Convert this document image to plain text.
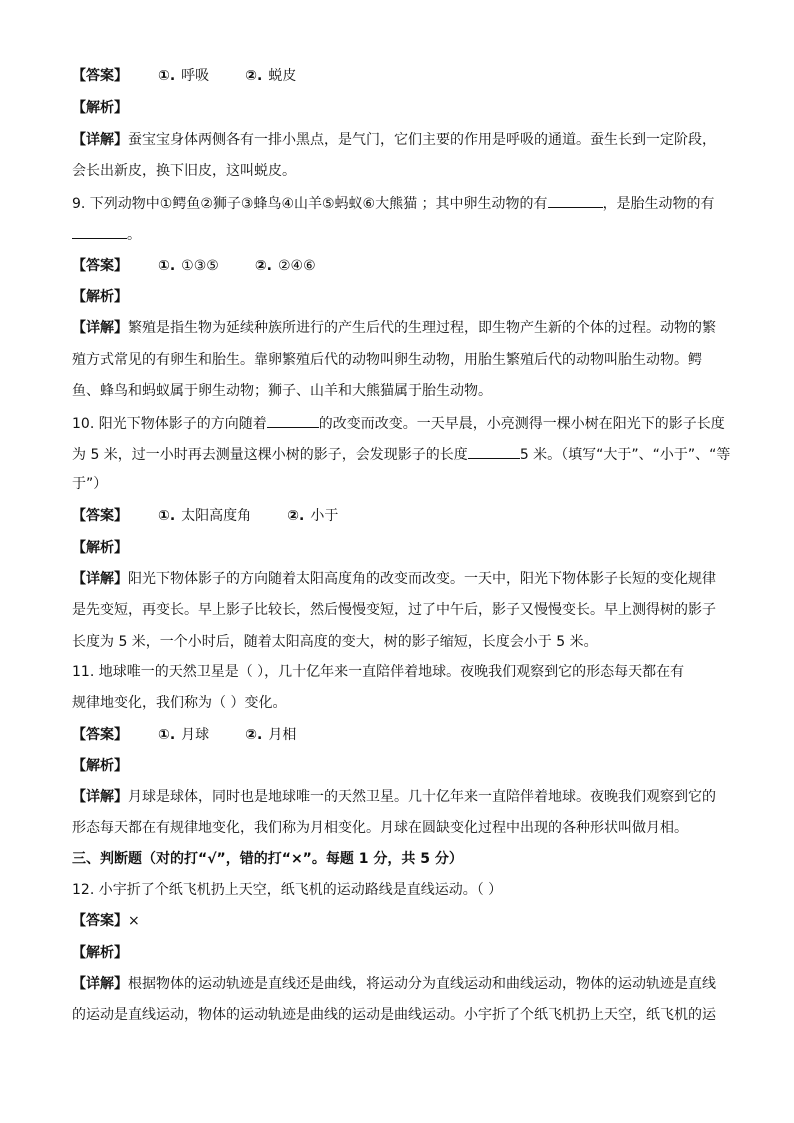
【答案】	①. 呼吸	②. 蜕皮
【解析】
【详解】蚕宝宝身体两侧各有一排小黑点，是气门，它们主要的作用是呼吸的通道。蚕生长到一定阶段，
会长出新皮，换下旧皮，这叫蜕皮。
9. 下列动物中①鳄鱼②狮子③蜂鸟④山羊⑤蚂蚁⑥大熊猫 ；其中卵生动物的有	，是胎生动物的有
。
【答案】	①. ①③⑤	②. ②④⑥
【解析】
【详解】繁殖是指生物为延续种族所进行的产生后代的生理过程，即生物产生新的个体的过程。动物的繁
殖方式常见的有卵生和胎生。靠卵繁殖后代的动物叫卵生动物，用胎生繁殖后代的动物叫胎生动物。鳄
鱼、蜂鸟和蚂蚁属于卵生动物；狮子、山羊和大熊猫属于胎生动物。
10. 阳光下物体影子的方向随着	的改变而改变。一天早晨，小亮测得一棵小树在阳光下的影子长度
为 5 米，过一小时再去测量这棵小树的影子，会发现影子的长度	5 米。（填写“大于”、“小于”、“等
于”）
【答案】	①. 太阳高度角	②. 小于
【解析】
【详解】阳光下物体影子的方向随着太阳高度角的改变而改变。一天中，阳光下物体影子长短的变化规律
是先变短，再变长。早上影子比较长，然后慢慢变短，过了中午后，影子又慢慢变长。早上测得树的影子
长度为 5 米，一个小时后，随着太阳高度的变大，树的影子缩短，长度会小于 5 米。
11. 地球唯一的天然卫星是（ ），几十亿年来一直陪伴着地球。夜晚我们观察到它的形态每天都在有
规律地变化，我们称为（ ）变化。
【答案】	①. 月球	②. 月相
【解析】
【详解】月球是球体，同时也是地球唯一的天然卫星。几十亿年来一直陪伴着地球。夜晚我们观察到它的
形态每天都在有规律地变化，我们称为月相变化。月球在圆缺变化过程中出现的各种形状叫做月相。
三、判断题（对的打“√”，错的打“×”。每题 1 分，共 5 分）
12. 小宇折了个纸飞机扔上天空，纸飞机的运动路线是直线运动。（ ）
【答案】×
【解析】
【详解】根据物体的运动轨迹是直线还是曲线，将运动分为直线运动和曲线运动，物体的运动轨迹是直线
的运动是直线运动，物体的运动轨迹是曲线的运动是曲线运动。小宇折了个纸飞机扔上天空，纸飞机的运
